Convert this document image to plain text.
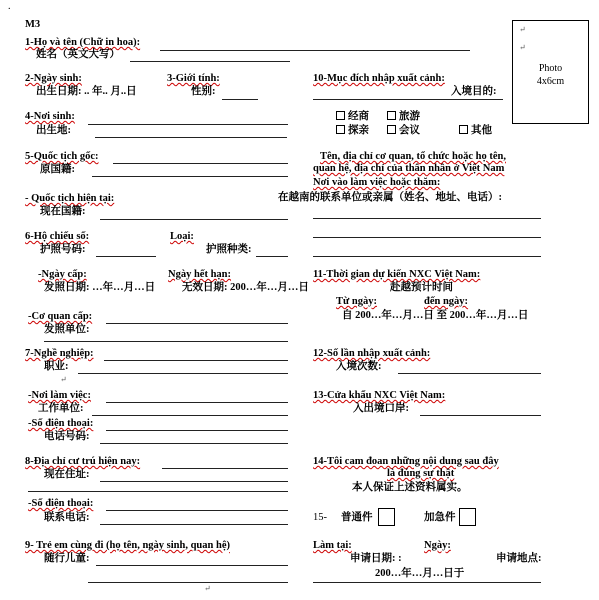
.
M3	↵
↵
Photo
4x6cm
1-Họ và tên (Chữ in hoa):
姓名（英文大写）
2-Ngày sinh:
出生日期: .. 年.. 月..日
3-Giới tính:
性别:
10-Mục đích nhập xuất cảnh:
入境目的:
经商	旅游
探亲	会议	其他
4-Nơi sinh:
出生地:
5-Quốc tịch gốc:
原国籍:
Tên, địa chỉ cơ quan, tổ chức hoặc họ tên,
quan hệ, địa chỉ của thân nhân ở Việt Nam
Nơi vào làm việc hoặc thăm:
在越南的联系单位或亲属（姓名、地址、电话）:
- Quốc tịch hiện tại:
现在国籍:
6-Hộ chiếu số:
护照号码:
Loại:
护照种类:
-Ngày cấp:
发照日期: …年…月…日
Ngày hết hạn:
无效日期: 200…年…月…日
11-Thời gian dự kiến NXC Việt Nam:
赴越预计时间
Từ ngày:	đến ngày:
自 200…年…月…日 至 200…年…月…日
-Cơ quan cấp:
发照单位:
7-Nghề nghiệp:
职业:
↵
12-Số lần nhập xuất cảnh:
入境次数:
-Nơi làm việc:
工作单位:
13-Cửa khẩu NXC Việt Nam:
入出境口岸:
-Số điện thoại:
电话号码:
8-Địa chỉ cư trú hiện nay:
现在住址:
14-Tôi cam đoan những nội dung sau đây
là đúng sự thật
本人保证上述资料属实。
-Số điện thoại:
联系电话:	15- 普通件	加急件
9- Trẻ em cùng đi (họ tên, ngày sinh, quan hệ)
随行儿童:
↵
Làm tại:	Ngày:
申请日期: :	申请地点:
200…年…月…日于
